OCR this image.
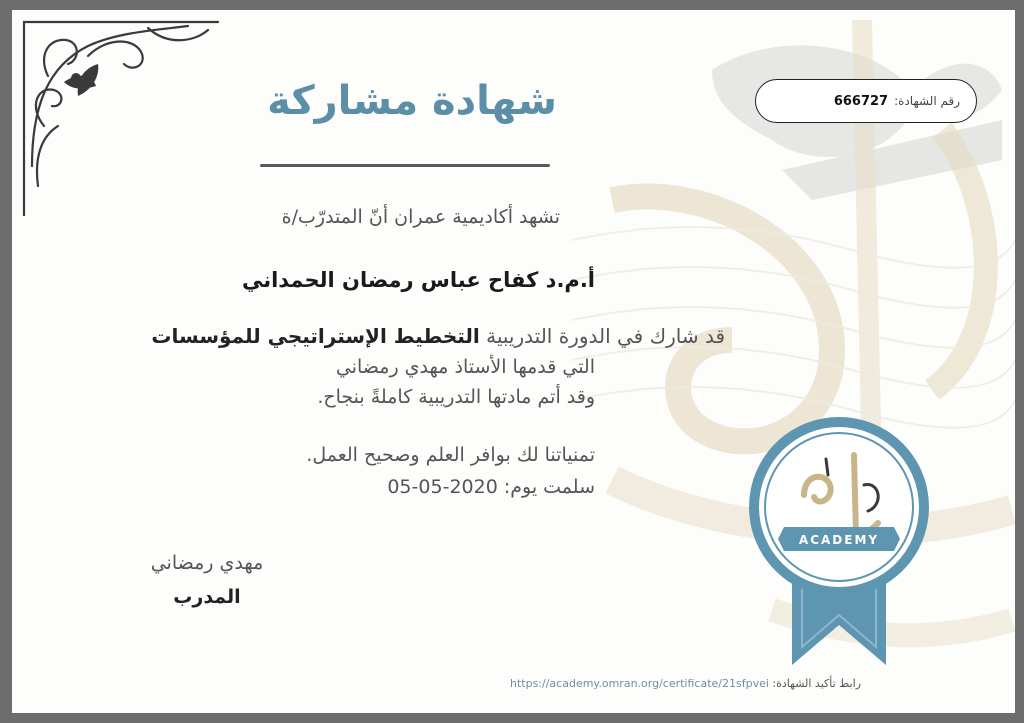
شهادة مشاركة	رقم الشهادة:
666727
تشهد أكاديمية عمران أنّ المتدرّب/ة
أ.م.د كفاح عباس رمضان الحمداني
قد شارك في الدورة التدريبية التخطيط الإستراتيجي للمؤسسات
التي قدمها الأستاذ مهدي رمضاني
وقد أتم مادتها التدريبية كاملةً بنجاح.
تمنياتنا لك بوافر العلم وصحيح العمل.
سلمت يوم: 2020-05-05
مهدي رمضاني
المدرب
ACADEMY
رابط تأكيد الشهادة: https://academy.omran.org/certificate/21sfpvei
